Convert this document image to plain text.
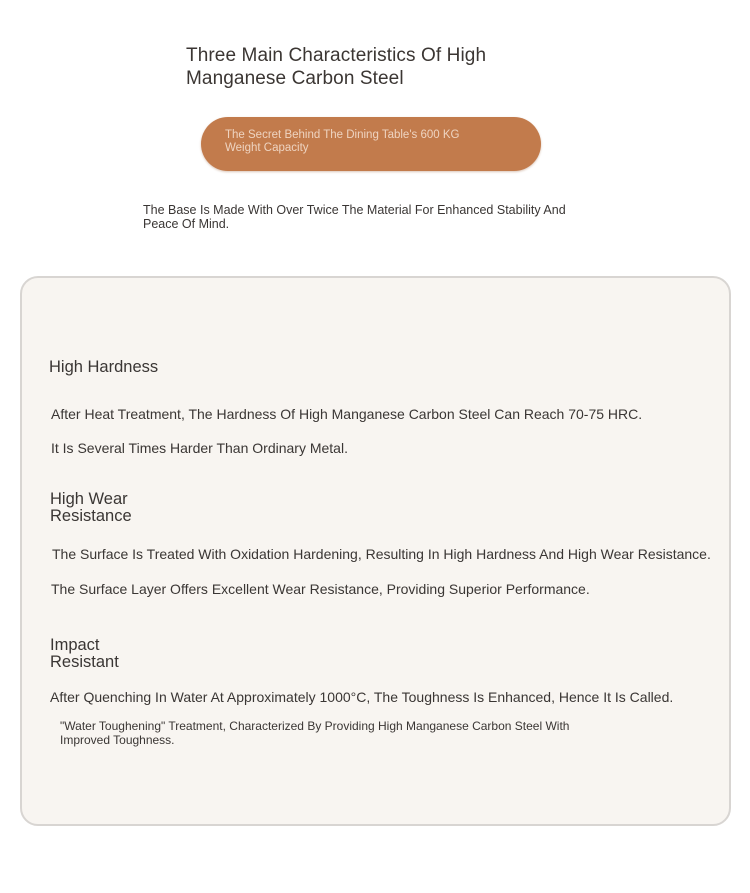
Three Main Characteristics Of High Manganese Carbon Steel
The Secret Behind The Dining Table's 600 KG Weight Capacity
The Base Is Made With Over Twice The Material For Enhanced Stability And Peace Of Mind.
High Hardness
After Heat Treatment, The Hardness Of High Manganese Carbon Steel Can Reach 70-75 HRC.
It Is Several Times Harder Than Ordinary Metal.
High Wear Resistance
The Surface Is Treated With Oxidation Hardening, Resulting In High Hardness And High Wear Resistance.
The Surface Layer Offers Excellent Wear Resistance, Providing Superior Performance.
Impact Resistant
After Quenching In Water At Approximately 1000°C, The Toughness Is Enhanced, Hence It Is Called.
"Water Toughening" Treatment, Characterized By Providing High Manganese Carbon Steel With Improved Toughness.
